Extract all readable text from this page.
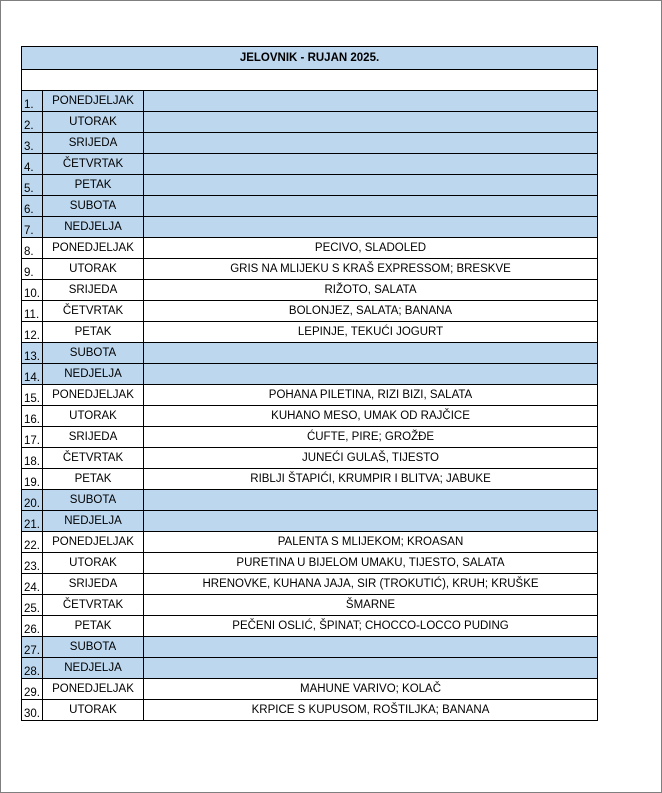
JELOVNIK - RUJAN 2025.		

1.	PONEDJELJAK	
2.	UTORAK	
3.	SRIJEDA	
4.	ČETVRTAK	
5.	PETAK	
6.	SUBOTA	
7.	NEDJELJA	
8.	PONEDJELJAK	PECIVO, SLADOLED
9.	UTORAK	GRIS NA MLIJEKU S KRAŠ EXPRESSOM; BRESKVE
10.	SRIJEDA	RIŽOTO, SALATA
11.	ČETVRTAK	BOLONJEZ, SALATA; BANANA
12.	PETAK	LEPINJE, TEKUĆI JOGURT
13.	SUBOTA	
14.	NEDJELJA	
15.	PONEDJELJAK	POHANA PILETINA, RIZI BIZI, SALATA
16.	UTORAK	KUHANO MESO, UMAK OD RAJČICE
17.	SRIJEDA	ĆUFTE, PIRE; GROŽĐE
18.	ČETVRTAK	JUNEĆI GULAŠ, TIJESTO
19.	PETAK	RIBLJI ŠTAPIĆI, KRUMPIR I BLITVA; JABUKE
20.	SUBOTA	
21.	NEDJELJA	
22.	PONEDJELJAK	PALENTA S MLIJEKOM; KROASAN
23.	UTORAK	PURETINA U BIJELOM UMAKU, TIJESTO, SALATA
24.	SRIJEDA	HRENOVKE, KUHANA JAJA, SIR (TROKUTIĆ), KRUH; KRUŠKE
25.	ČETVRTAK	ŠMARNE
26.	PETAK	PEČENI OSLIĆ, ŠPINAT; CHOCCO-LOCCO PUDING
27.	SUBOTA	
28.	NEDJELJA	
29.	PONEDJELJAK	MAHUNE VARIVO; KOLAČ
30.	UTORAK	KRPICE S KUPUSOM, ROŠTILJKA; BANANA
